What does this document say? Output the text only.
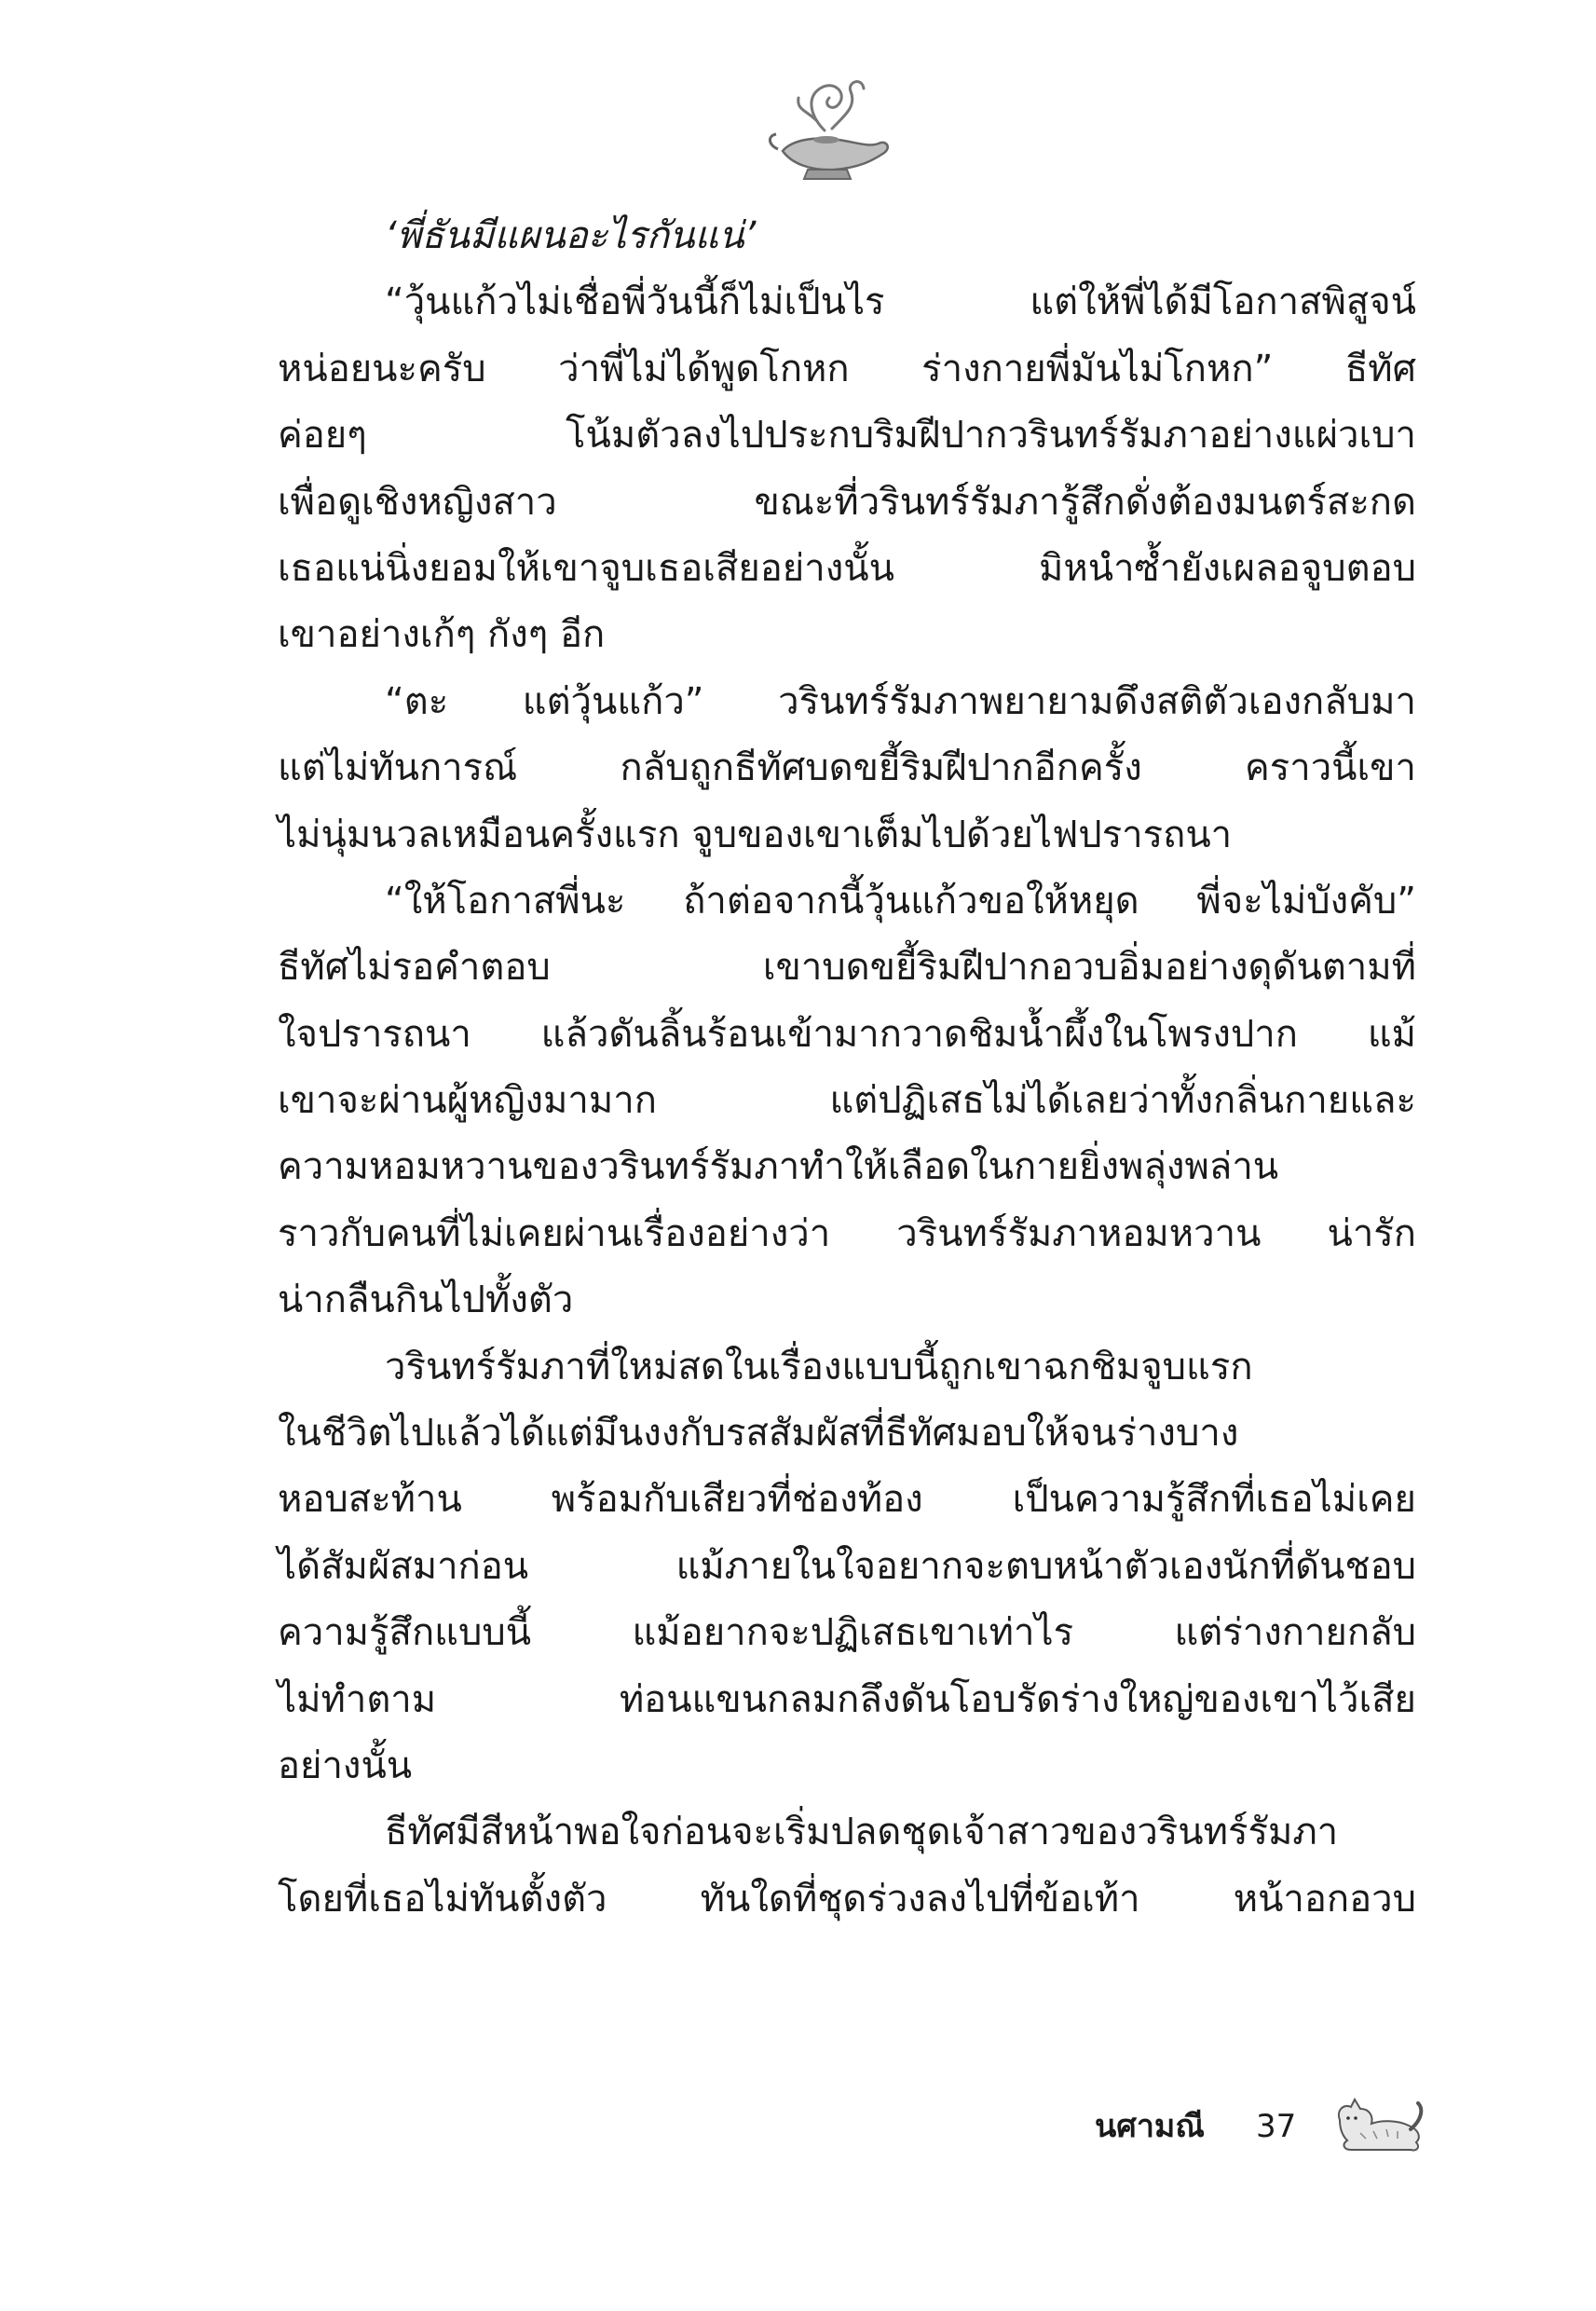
‘พี่ธันมีแผนอะไรกันแน่’
“วุ้นแก้วไม่เชื่อพี่วันนี้ก็ไม่เป็นไร แต่ให้พี่ได้มีโอกาสพิสูจน์
หน่อยนะครับ ว่าพี่ไม่ได้พูดโกหก ร่างกายพี่มันไม่โกหก” ธีทัศ
ค่อยๆ โน้มตัวลงไปประกบริมฝีปากวรินทร์รัมภาอย่างแผ่วเบา
เพื่อดูเชิงหญิงสาว ขณะที่วรินทร์รัมภารู้สึกดั่งต้องมนตร์สะกด
เธอแน่นิ่งยอมให้เขาจูบเธอเสียอย่างนั้น มิหนำซ้ำยังเผลอจูบตอบ
เขาอย่างเก้ๆ กังๆ อีก
“ตะ แต่วุ้นแก้ว” วรินทร์รัมภาพยายามดึงสติตัวเองกลับมา
แต่ไม่ทันการณ์ กลับถูกธีทัศบดขยี้ริมฝีปากอีกครั้ง คราวนี้เขา
ไม่นุ่มนวลเหมือนครั้งแรก จูบของเขาเต็มไปด้วยไฟปรารถนา
“ให้โอกาสพี่นะ ถ้าต่อจากนี้วุ้นแก้วขอให้หยุด พี่จะไม่บังคับ”
ธีทัศไม่รอคำตอบ เขาบดขยี้ริมฝีปากอวบอิ่มอย่างดุดันตามที่
ใจปรารถนา แล้วดันลิ้นร้อนเข้ามากวาดชิมน้ำผึ้งในโพรงปาก แม้
เขาจะผ่านผู้หญิงมามาก แต่ปฏิเสธไม่ได้เลยว่าทั้งกลิ่นกายและ
ความหอมหวานของวรินทร์รัมภาทำให้เลือดในกายยิ่งพลุ่งพล่าน
ราวกับคนที่ไม่เคยผ่านเรื่องอย่างว่า วรินทร์รัมภาหอมหวาน น่ารัก
น่ากลืนกินไปทั้งตัว
วรินทร์รัมภาที่ใหม่สดในเรื่องแบบนี้ถูกเขาฉกชิมจูบแรก
ในชีวิตไปแล้วได้แต่มึนงงกับรสสัมผัสที่ธีทัศมอบให้จนร่างบาง
หอบสะท้าน พร้อมกับเสียวที่ช่องท้อง เป็นความรู้สึกที่เธอไม่เคย
ได้สัมผัสมาก่อน แม้ภายในใจอยากจะตบหน้าตัวเองนักที่ดันชอบ
ความรู้สึกแบบนี้ แม้อยากจะปฏิเสธเขาเท่าไร แต่ร่างกายกลับ
ไม่ทำตาม ท่อนแขนกลมกลึงดันโอบรัดร่างใหญ่ของเขาไว้เสีย
อย่างนั้น
ธีทัศมีสีหน้าพอใจก่อนจะเริ่มปลดชุดเจ้าสาวของวรินทร์รัมภา
โดยที่เธอไม่ทันตั้งตัว ทันใดที่ชุดร่วงลงไปที่ข้อเท้า หน้าอกอวบ
นศามณี 37
